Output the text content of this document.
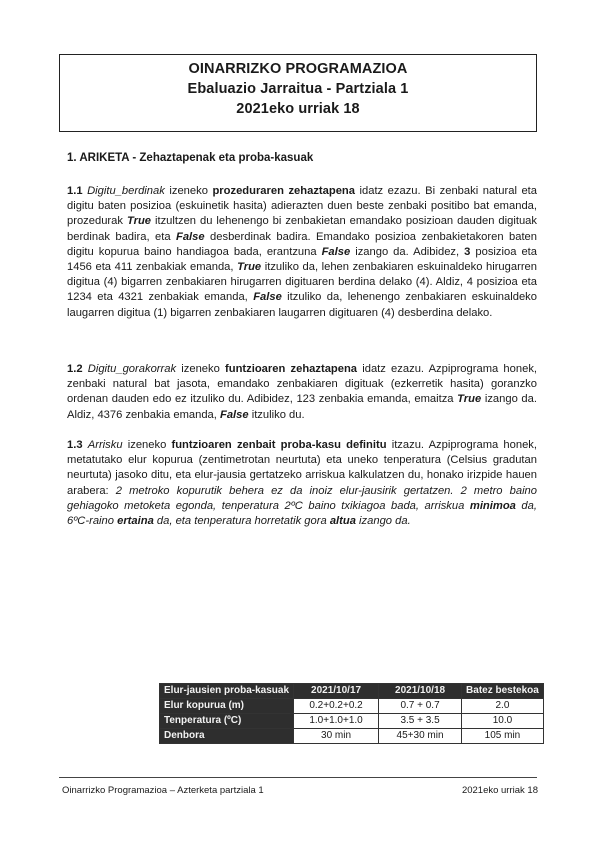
OINARRIZKO PROGRAMAZIOA
Ebaluazio Jarraitua - Partziala 1
2021eko urriak 18
1. ARIKETA - Zehaztapenak eta proba-kasuak
1.1 Digitu_berdinak izeneko prozeduraren zehaztapena idatz ezazu. Bi zenbaki natural eta digitu baten posizioa (eskuinetik hasita) adierazten duen beste zenbaki positibo bat emanda, prozedurak True itzultzen du lehenengo bi zenbakietan emandako posizioan dauden digituak berdinak badira, eta False desberdinak badira. Emandako posizioa zenbakietakoren baten digitu kopurua baino handiagoa bada, erantzuna False izango da. Adibidez, 3 posizioa eta 1456 eta 411 zenbakiak emanda, True itzuliko da, lehen zenbakiaren eskuinaldeko hirugarren digitua (4) bigarren zenbakiaren hirugarren digituaren berdina delako (4). Aldiz, 4 posizioa eta 1234 eta 4321 zenbakiak emanda, False itzuliko da, lehenengo zenbakiaren eskuinaldeko laugarren digitua (1) bigarren zenbakiaren laugarren digituaren (4) desberdina delako.
1.2 Digitu_gorakorrak izeneko funtzioaren zehaztapena idatz ezazu. Azpiprograma honek, zenbaki natural bat jasota, emandako zenbakiaren digituak (ezkerretik hasita) goranzko ordenan dauden edo ez itzuliko du. Adibidez, 123 zenbakia emanda, emaitza True izango da. Aldiz, 4376 zenbakia emanda, False itzuliko du.
1.3 Arrisku izeneko funtzioaren zenbait proba-kasu definitu itzazu. Azpiprograma honek, metatutako elur kopurua (zentimetrotan neurtuta) eta uneko tenperatura (Celsius gradutan neurtuta) jasoko ditu, eta elur-jausia gertatzeko arriskua kalkulatzen du, honako irizpide hauen arabera: 2 metroko kopurutik behera ez da inoiz elur-jausirik gertatzen. 2 metro baino gehiagoko metoketa egonda, tenperatura 2ºC baino txikiagoa bada, arriskua minimoa da, 6ºC-raino ertaina da, eta tenperatura horretatik gora altua izango da.
Elur-jausien proba-kasuak	2021/10/17	2021/10/18	Batez bestekoa
Elur kopurua (m)	0.2+0.2+0.2	0.7 + 0.7	2.0
Tenperatura (ºC)	1.0+1.0+1.0	3.5 + 3.5	10.0
Denbora	30 min	45+30 min	105 min
Oinarrizko Programazioa – Azterketa partziala 1	2021eko urriak 18
